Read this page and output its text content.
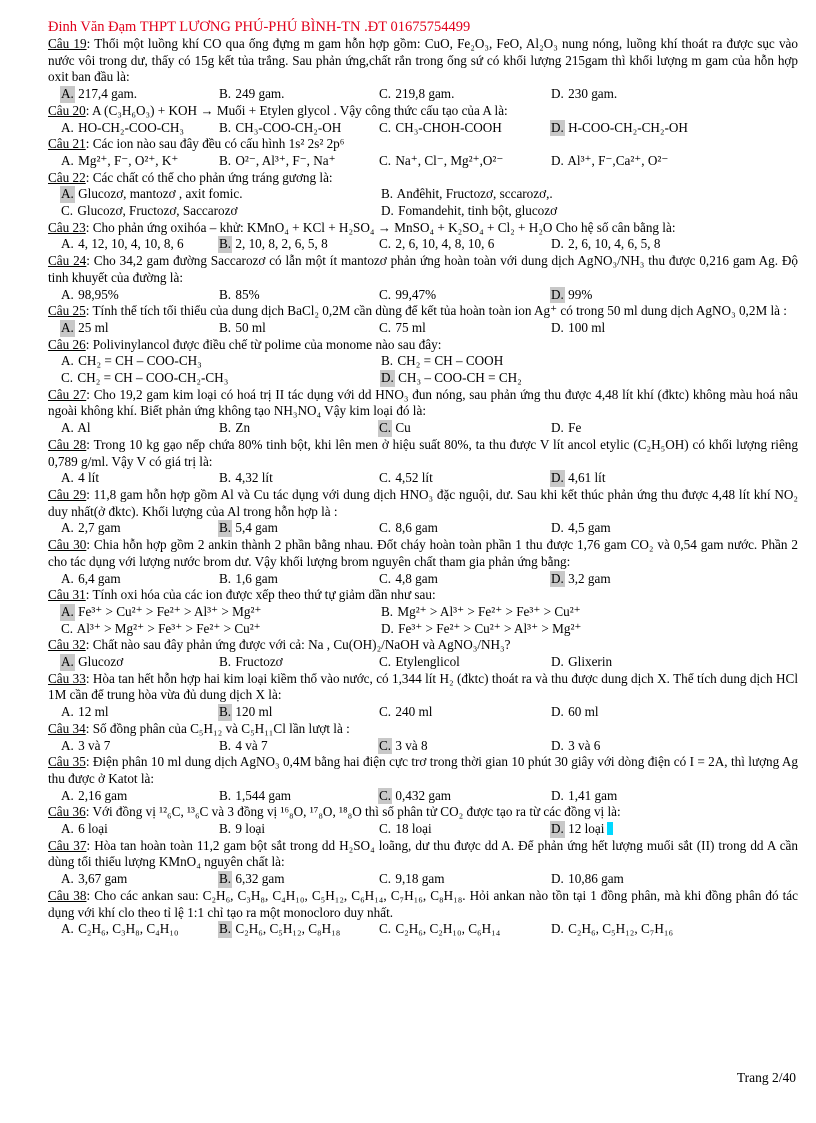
Đinh Văn Đạm THPT LƯƠNG PHÚ-PHÚ BÌNH-TN .ĐT 01675754499
Câu 19: Thổi một luồng khí CO qua ống đựng m gam hỗn hợp gồm: CuO, Fe₂O₃, FeO, Al₂O₃ nung nóng, luồng khí thoát ra được sục vào nước vôi trong dư, thấy có 15g kết tủa trắng. Sau phản ứng,chất rắn trong ống sứ có khối lượng 215gam thì khối lượng m gam của hỗn hợp oxit ban đầu là:
A. 217,4 gam.	B. 249 gam.	C. 219,8 gam.	D. 230 gam.
Câu 20: A (C₃H₆O₃) + KOH → Muối + Etylen glycol . Vậy công thức cấu tạo của A là:
A. HO-CH₂-COO-CH₃	B. CH₃-COO-CH₂-OH	C. CH₃-CHOH-COOH	D. H-COO-CH₂-CH₂-OH
Câu 21: Các ion nào sau đây đều có cấu hình 1s² 2s² 2p⁶
A. Mg²⁺, F⁻, O²⁺, K⁺	B. O²⁻, Al³⁺, F⁻, Na⁺	C. Na⁺, Cl⁻, Mg²⁺,O²⁻	D. Al³⁺, F⁻,Ca²⁺, O²⁻
Câu 22: Các chất có thể cho phản ứng tráng gương là:
A. Glucozơ, mantozơ , axit fomic.	B. Anđêhit, Fructozơ, sccarozơ,.
C. Glucozơ, Fructozơ, Saccarozơ	D. Fomandehit, tinh bột, glucozơ
Câu 23: Cho phản ứng oxihóa – khử: KMnO₄ + KCl + H₂SO₄ → MnSO₄ + K₂SO₄ + Cl₂ + H₂O Cho hệ số cân bằng là:
A. 4, 12, 10, 4, 10, 8, 6	B. 2, 10, 8, 2, 6, 5, 8	C. 2, 6, 10, 4, 8, 10, 6	D. 2, 6, 10, 4, 6, 5, 8
Câu 24: Cho 34,2 gam đường Saccarozơ có lẫn một ít mantozơ phản ứng hoàn toàn với dung dịch AgNO₃/NH₃ thu được 0,216 gam Ag. Độ tinh khuyết của đường là:
A. 98,95%	B. 85%	C. 99,47%	D. 99%
Câu 25: Tính thể tích tối thiểu của dung dịch BaCl₂ 0,2M cần dùng để kết tủa hoàn toàn ion Ag⁺ có trong 50 ml dung dịch AgNO₃ 0,2M là :
A. 25 ml	B. 50 ml	C. 75 ml	D. 100 ml
Câu 26: Polivinylancol được điều chế từ polime của monome nào sau đây:
A. CH₂ = CH – COO-CH₃	B. CH₂ = CH – COOH
C. CH₂ = CH – COO-CH₂-CH₃	D. CH₃ – COO-CH = CH₂
Câu 27: Cho 19,2 gam kim loại có hoá trị II tác dụng với dd HNO₃ đun nóng, sau phản ứng thu được 4,48 lít khí (đktc) không màu hoá nâu ngoài không khí. Biết phản ứng không tạo NH₃NO₄ Vậy kim loại đó là:
A. Al	B. Zn	C. Cu	D. Fe
Câu 28: Trong 10 kg gạo nếp chứa 80% tinh bột, khi lên men ở hiệu suất 80%, ta thu được V lít ancol etylic (C₂H₅OH) có khối lượng riêng 0,789 g/ml. Vậy V có giá trị là:
A. 4 lít	B. 4,32 lít	C. 4,52 lít	D. 4,61 lít
Câu 29: 11,8 gam hỗn hợp gồm Al và Cu tác dụng với dung dịch HNO₃ đặc nguội, dư. Sau khi kết thúc phản ứng thu được 4,48 lít khí NO₂ duy nhất(ở đktc). Khối lượng của Al trong hỗn hợp là :
A. 2,7 gam	B. 5,4 gam	C. 8,6 gam	D. 4,5 gam
Câu 30: Chia hỗn hợp gồm 2 ankin thành 2 phần bằng nhau. Đốt cháy hoàn toàn phần 1 thu được 1,76 gam CO₂ và 0,54 gam nước. Phần 2 cho tác dụng với lượng nước brom dư. Vậy khối lượng brom nguyên chất tham gia phản ứng bằng:
A. 6,4 gam	B. 1,6 gam	C. 4,8 gam	D. 3,2 gam
Câu 31: Tính oxi hóa của các ion được xếp theo thứ tự giảm dần như sau:
A. Fe³⁺ > Cu²⁺ > Fe²⁺ > Al³⁺ > Mg²⁺	B. Mg²⁺ > Al³⁺ > Fe²⁺ > Fe³⁺ > Cu²⁺
C. Al³⁺ > Mg²⁺ > Fe³⁺ > Fe²⁺ > Cu²⁺	D. Fe³⁺ > Fe²⁺ > Cu²⁺ > Al³⁺ > Mg²⁺
Câu 32: Chất nào sau đây phản ứng được với cả: Na , Cu(OH)₂/NaOH và AgNO₃/NH₃?
A. Glucozơ	B. Fructozơ	C. Etylenglicol	D. Glixerin
Câu 33: Hòa tan hết hỗn hợp hai kim loại kiềm thổ vào nước, có 1,344 lít H₂ (đktc) thoát ra và thu được dung dịch X. Thể tích dung dịch HCl 1M cần để trung hòa vừa đủ dung dịch X là:
A. 12 ml	B. 120 ml	C. 240 ml	D. 60 ml
Câu 34: Số đồng phân của C₅H₁₂ và C₅H₁₁Cl lần lượt là :
A. 3 và 7	B. 4 và 7	C. 3 và 8	D. 3 và 6
Câu 35: Điện phân 10 ml dung dịch AgNO₃ 0,4M bằng hai điện cực trơ trong thời gian 10 phút 30 giây với dòng điện có I = 2A, thì lượng Ag thu được ở Katot là:
A. 2,16 gam	B. 1,544 gam	C. 0,432 gam	D. 1,41 gam
Câu 36: Với đồng vị ¹²₆C, ¹³₆C và 3 đồng vị ¹⁶₈O, ¹⁷₈O, ¹⁸₈O thì số phân tử CO₂ được tạo ra từ các đồng vị là:
A. 6 loại	B. 9 loại	C. 18 loại	D. 12 loại
Câu 37: Hòa tan hoàn toàn 11,2 gam bột sắt trong dd H₂SO₄ loãng, dư thu được dd A. Để phản ứng hết lượng muối sắt (II) trong dd A cần dùng tối thiểu lượng KMnO₄ nguyên chất là:
A. 3,67 gam	B. 6,32 gam	C. 9,18 gam	D. 10,86 gam
Câu 38: Cho các ankan sau: C₂H₆, C₃H₈, C₄H₁₀, C₅H₁₂, C₆H₁₄, C₇H₁₆, C₈H₁₈. Hỏi ankan nào tồn tại 1 đồng phân, mà khi đồng phân đó tác dụng với khí clo theo tỉ lệ 1:1 chỉ tạo ra một monocloro duy nhất.
A. C₂H₆, C₃H₈, C₄H₁₀	B. C₂H₆, C₅H₁₂, C₈H₁₈	C. C₂H₆, C₂H₁₀, C₆H₁₄	D. C₂H₆, C₅H₁₂, C₇H₁₆
Trang 2/40
